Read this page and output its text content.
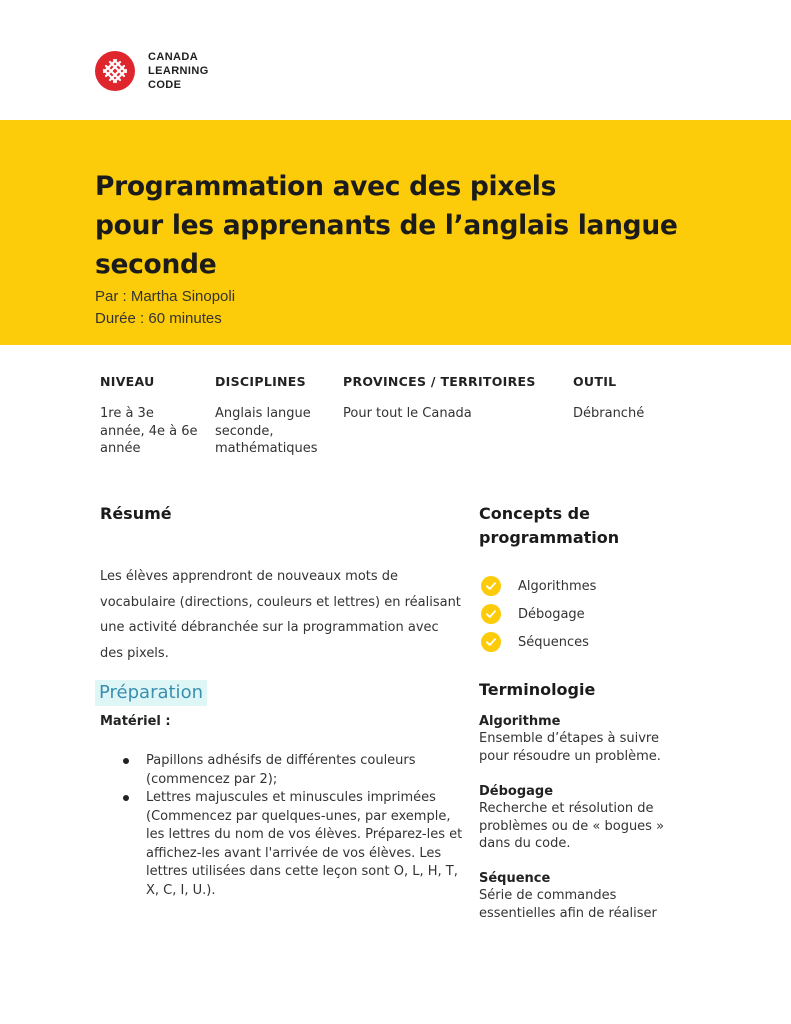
CANADA
LEARNING
CODE
Programmation avec des pixels
pour les apprenants de l’anglais langue
seconde
Par : Martha Sinopoli
Durée : 60 minutes
NIVEAU
1re à 3e
année, 4e à 6e
année
DISCIPLINES
Anglais langue
seconde,
mathématiques
PROVINCES / TERRITOIRES
Pour tout le Canada
OUTIL
Débranché
Résumé
Les élèves apprendront de nouveaux mots de
vocabulaire (directions, couleurs et lettres) en réalisant
une activité débranchée sur la programmation avec
des pixels.
Préparation
Matériel :
Papillons adhésifs de différentes couleurs
(commencez par 2);
Lettres majuscules et minuscules imprimées
(Commencez par quelques-unes, par exemple,
les lettres du nom de vos élèves. Préparez-les et
affichez-les avant l'arrivée de vos élèves. Les
lettres utilisées dans cette leçon sont O, L, H, T,
X, C, I, U.).
Concepts de
programmation
Algorithmes
Débogage
Séquences
Terminologie
Algorithme
Ensemble d’étapes à suivre
pour résoudre un problème.
Débogage
Recherche et résolution de
problèmes ou de « bogues »
dans du code.
Séquence
Série de commandes
essentielles afin de réaliser
